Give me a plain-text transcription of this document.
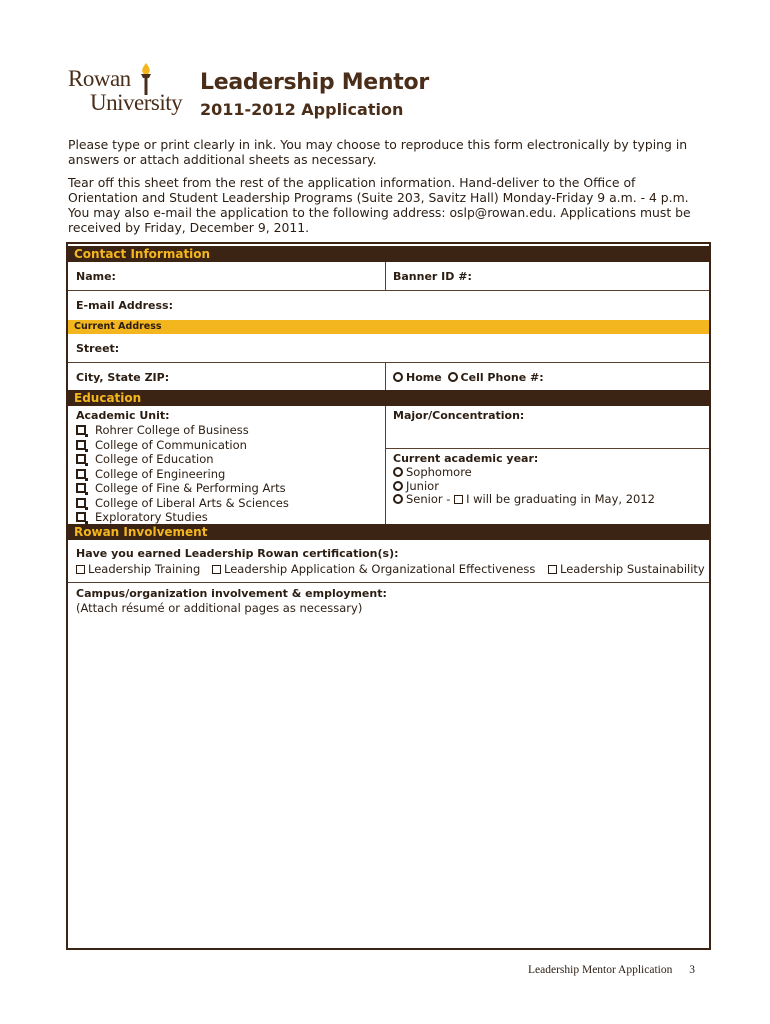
Rowan
University
Leadership Mentor
2011-2012 Application
Please type or print clearly in ink. You may choose to reproduce this form electronically by typing in answers or attach additional sheets as necessary.
Tear off this sheet from the rest of the application information. Hand-deliver to the Office of Orientation and Student Leadership Programs (Suite 203, Savitz Hall) Monday-Friday 9 a.m. - 4 p.m. You may also e-mail the application to the following address: oslp@rowan.edu. Applications must be received by Friday, December 9, 2011.
Contact Information
Name:	Banner ID #:
E-mail Address:
Current Address
Street:
City, State ZIP:	Home Cell Phone #:
Education
Academic Unit:
Rohrer College of Business
College of Communication
College of Education
College of Engineering
College of Fine & Performing Arts
College of Liberal Arts & Sciences
Exploratory Studies
Major/Concentration:
Current academic year:
Sophomore
Junior
Senior - I will be graduating in May, 2012
Rowan Involvement
Have you earned Leadership Rowan certification(s):
Leadership Training	Leadership Application & Organizational Effectiveness	Leadership Sustainability
Campus/organization involvement & employment:
(Attach résumé or additional pages as necessary)
Leadership Mentor Application 3
